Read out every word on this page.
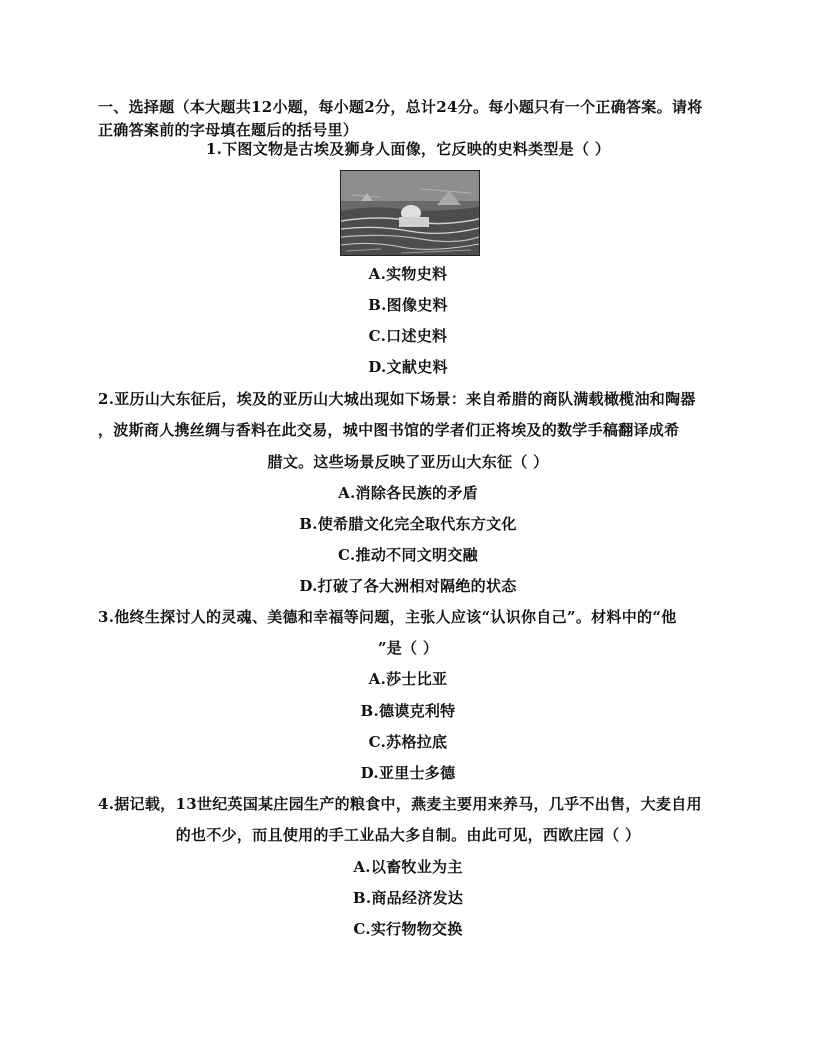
一、选择题（本大题共12小题，每小题2分，总计24分。每小题只有一个正确答案。请将
正确答案前的字母填在题后的括号里）
1.下图文物是古埃及狮身人面像，它反映的史料类型是（ ）
A.实物史料
B.图像史料
C.口述史料
D.文献史料
2.亚历山大东征后，埃及的亚历山大城出现如下场景：来自希腊的商队满载橄榄油和陶器
，波斯商人携丝绸与香料在此交易，城中图书馆的学者们正将埃及的数学手稿翻译成希
腊文。这些场景反映了亚历山大东征（ ）
A.消除各民族的矛盾
B.使希腊文化完全取代东方文化
C.推动不同文明交融
D.打破了各大洲相对隔绝的状态
3.他终生探讨人的灵魂、美德和幸福等问题，主张人应该“认识你自己”。材料中的“他
”是（ ）
A.莎士比亚
B.德谟克利特
C.苏格拉底
D.亚里士多德
4.据记载，13世纪英国某庄园生产的粮食中，燕麦主要用来养马，几乎不出售，大麦自用
的也不少，而且使用的手工业品大多自制。由此可见，西欧庄园（ ）
A.以畜牧业为主
B.商品经济发达
C.实行物物交换
